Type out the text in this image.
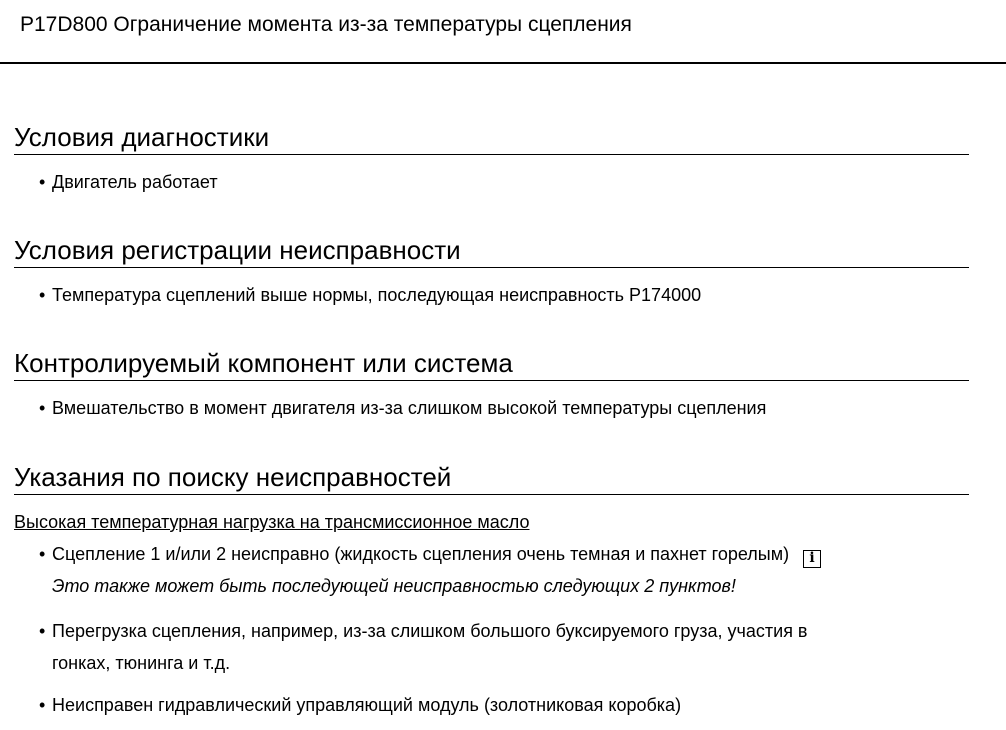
P17D800 Ограничение момента из-за температуры сцепления
Условия диагностики
• Двигатель работает
Условия регистрации неисправности
• Температура сцеплений выше нормы, последующая неисправность P174000
Контролируемый компонент или система
• Вмешательство в момент двигателя из-за слишком высокой температуры сцепления
Указания по поиску неисправностей
Высокая температурная нагрузка на трансмиссионное масло
• Сцепление 1 и/или 2 неисправно (жидкость сцепления очень темная и пахнет горелым) i
Это также может быть последующей неисправностью следующих 2 пунктов!
• Перегрузка сцепления, например, из-за слишком большого буксируемого груза, участия в
гонках, тюнинга и т.д.
• Неисправен гидравлический управляющий модуль (золотниковая коробка)
